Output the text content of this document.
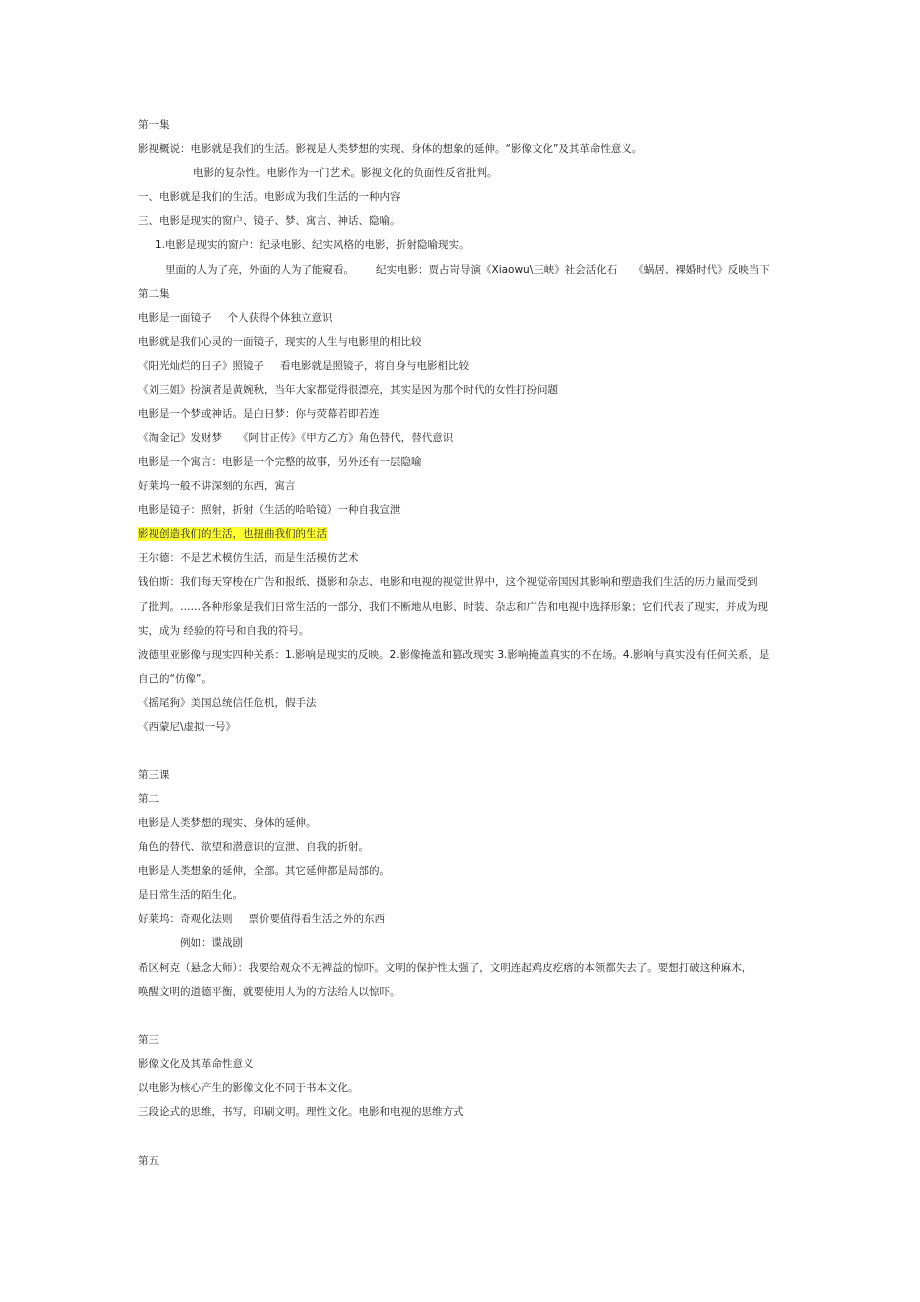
第一集
影视概说：电影就是我们的生活。影视是人类梦想的实现、身体的想象的延伸。“影像文化”及其革命性意义。
电影的复杂性。电影作为一门艺术。影视文化的负面性反省批判。
一、电影就是我们的生活。电影成为我们生活的一种内容
三、电影是现实的窗户、镜子、梦、寓言、神话、隐喻。
1.电影是现实的窗户：纪录电影、纪实风格的电影，折射隐喻现实。
里面的人为了亮，外面的人为了能窥看。 纪实电影：贾占岢导演《Xiaowu\三峡》社会活化石 《蜗居、裸婚时代》反映当下
第二集
电影是一面镜子 个人获得个体独立意识
电影就是我们心灵的一面镜子，现实的人生与电影里的相比较
《阳光灿烂的日子》照镜子 看电影就是照镜子，将自身与电影相比较
《刘三姐》扮演者是黄婉秋，当年大家都觉得很漂亮，其实是因为那个时代的女性打扮问题
电影是一个梦或神话。是白日梦：你与荧幕若即若连
《淘金记》发财梦 《阿甘正传》《甲方乙方》角色替代，替代意识
电影是一个寓言：电影是一个完整的故事，另外还有一层隐喻
好莱坞一般不讲深刻的东西，寓言
电影是镜子：照射，折射（生活的哈哈镜）一种自我宣泄
影视创造我们的生活，也扭曲我们的生活
王尔德：不是艺术模仿生活，而是生活模仿艺术
钱伯斯：我们每天穿梭在广告和报纸、摄影和杂志、电影和电视的视觉世界中，这个视觉帝国因其影响和塑造我们生活的历力量而受到
了批判。……各种形象是我们日常生活的一部分，我们不断地从电影、时装、杂志和广告和电视中选择形象；它们代表了现实，并成为现
实，成为 经验的符号和自我的符号。
波德里亚影像与现实四种关系：1.影响是现实的反映。2.影像掩盖和篡改现实 3.影响掩盖真实的不在场。4.影响与真实没有任何关系，是
自己的“仿像”。
《摇尾狗》美国总统信任危机，假手法
《西蒙尼\虚拟一号》
第三课
第二
电影是人类梦想的现实、身体的延伸。
角色的替代、欲望和潜意识的宣泄、自我的折射。
电影是人类想象的延伸，全部。其它延伸都是局部的。
是日常生活的陌生化。
好莱坞：奇观化法则 票价要值得看生活之外的东西
例如：谍战剧
希区柯克（悬念大师）：我要给观众不无裨益的惊吓。文明的保护性太强了，文明连起鸡皮疙瘩的本领都失去了。要想打破这种麻木，
唤醒文明的道德平衡，就要使用人为的方法给人以惊吓。
第三
影像文化及其革命性意义
以电影为核心产生的影像文化不同于书本文化。
三段论式的思维，书写，印刷文明。理性文化。电影和电视的思维方式
第五
